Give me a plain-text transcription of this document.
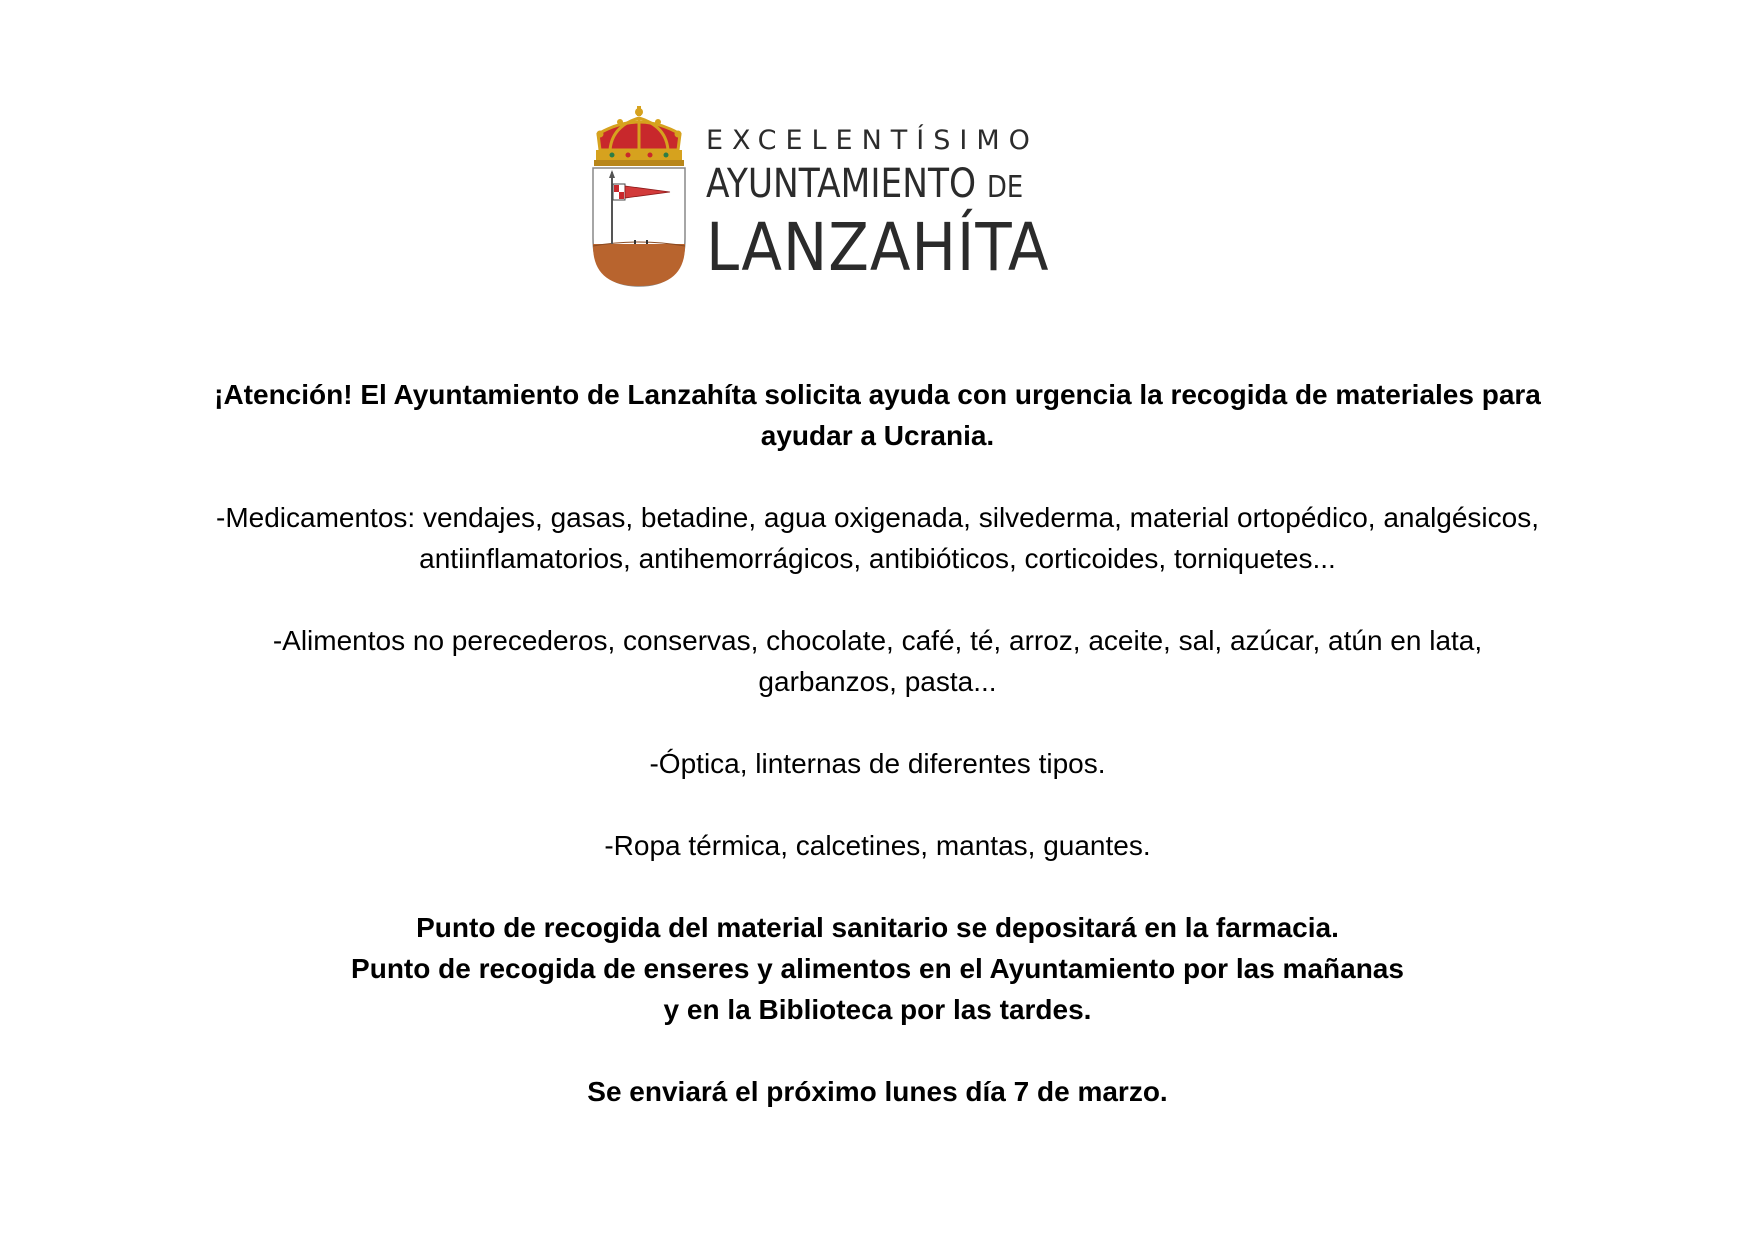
EXCELENTÍSIMO
AYUNTAMIENTO DE
LANZAHÍTA

¡Atención! El Ayuntamiento de Lanzahíta solicita ayuda con urgencia la recogida de materiales para ayudar a Ucrania.

-Medicamentos: vendajes, gasas, betadine, agua oxigenada, silvederma, material ortopédico, analgésicos, antiinflamatorios, antihemorrágicos, antibióticos, corticoides, torniquetes...

-Alimentos no perecederos, conservas, chocolate, café, té, arroz, aceite, sal, azúcar, atún en lata, garbanzos, pasta...

-Óptica, linternas de diferentes tipos.

-Ropa térmica, calcetines, mantas, guantes.

Punto de recogida del material sanitario se depositará en la farmacia.

Punto de recogida de enseres y alimentos en el Ayuntamiento por las mañanas

y en la Biblioteca por las tardes.

Se enviará el próximo lunes día 7 de marzo.
